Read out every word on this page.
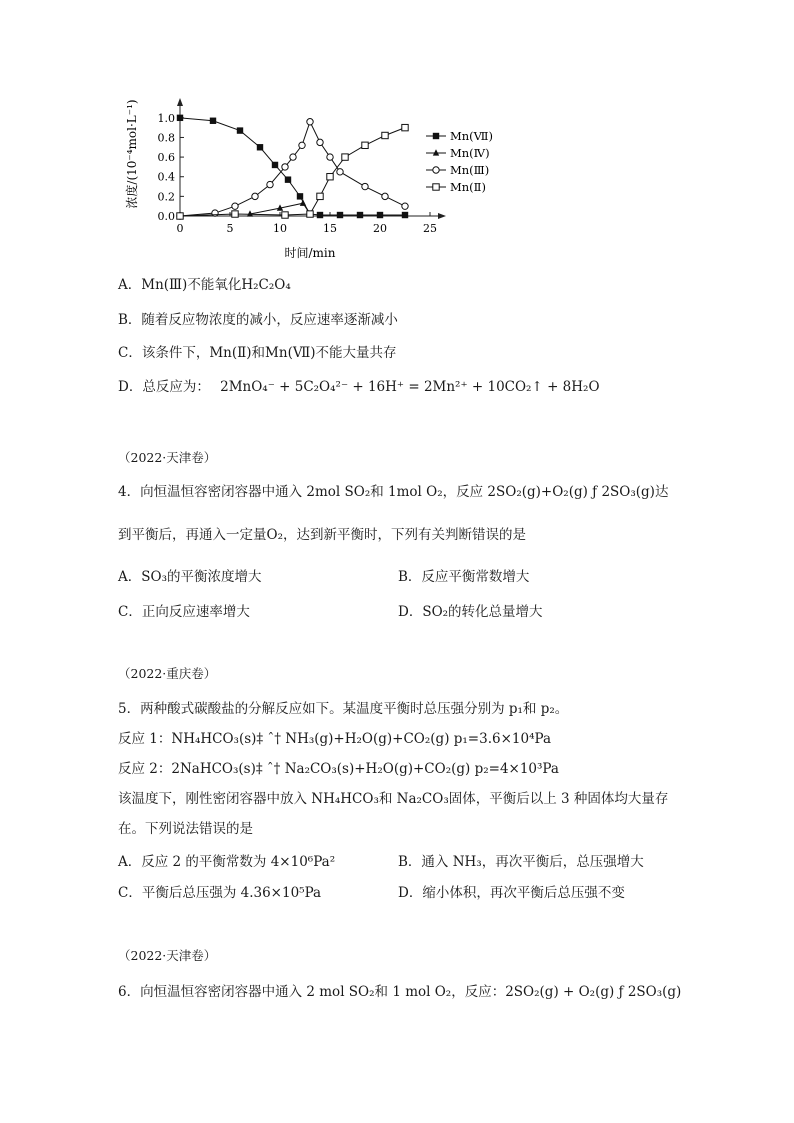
0.0
0.2
0.4
0.6
0.8
1.0
0	5	10	15	20	25
Mn(Ⅶ)
Mn(Ⅳ)
Mn(Ⅲ)
Mn(Ⅱ)
浓度/(10⁻⁴mol·L⁻¹)
时间/min
A．Mn(Ⅲ)不能氧化H₂C₂O₄
B．随着反应物浓度的减小，反应速率逐渐减小
C．该条件下，Mn(Ⅱ)和Mn(Ⅶ)不能大量共存
D．总反应为： 2MnO₄⁻ + 5C₂O₄²⁻ + 16H⁺ = 2Mn²⁺ + 10CO₂↑ + 8H₂O
（2022·天津卷）
4．向恒温恒容密闭容器中通入 2mol SO₂和 1mol O₂，反应 2SO₂(g)+O₂(g) ƒ 2SO₃(g)达
到平衡后，再通入一定量O₂，达到新平衡时，下列有关判断错误的是
A．SO₃的平衡浓度增大	B．反应平衡常数增大
C．正向反应速率增大	D．SO₂的转化总量增大
（2022·重庆卷）
5．两种酸式碳酸盐的分解反应如下。某温度平衡时总压强分别为 p₁和 p₂。
反应 1：NH₄HCO₃(s)‡ ˆ† NH₃(g)+H₂O(g)+CO₂(g) p₁=3.6×10⁴Pa
反应 2：2NaHCO₃(s)‡ ˆ† Na₂CO₃(s)+H₂O(g)+CO₂(g) p₂=4×10³Pa
该温度下，刚性密闭容器中放入 NH₄HCO₃和 Na₂CO₃固体，平衡后以上 3 种固体均大量存
在。下列说法错误的是
A．反应 2 的平衡常数为 4×10⁶Pa²	B．通入 NH₃，再次平衡后，总压强增大
C．平衡后总压强为 4.36×10⁵Pa	D．缩小体积，再次平衡后总压强不变
（2022·天津卷）
6．向恒温恒容密闭容器中通入 2 mol SO₂和 1 mol O₂，反应：2SO₂(g) + O₂(g) ƒ 2SO₃(g)
